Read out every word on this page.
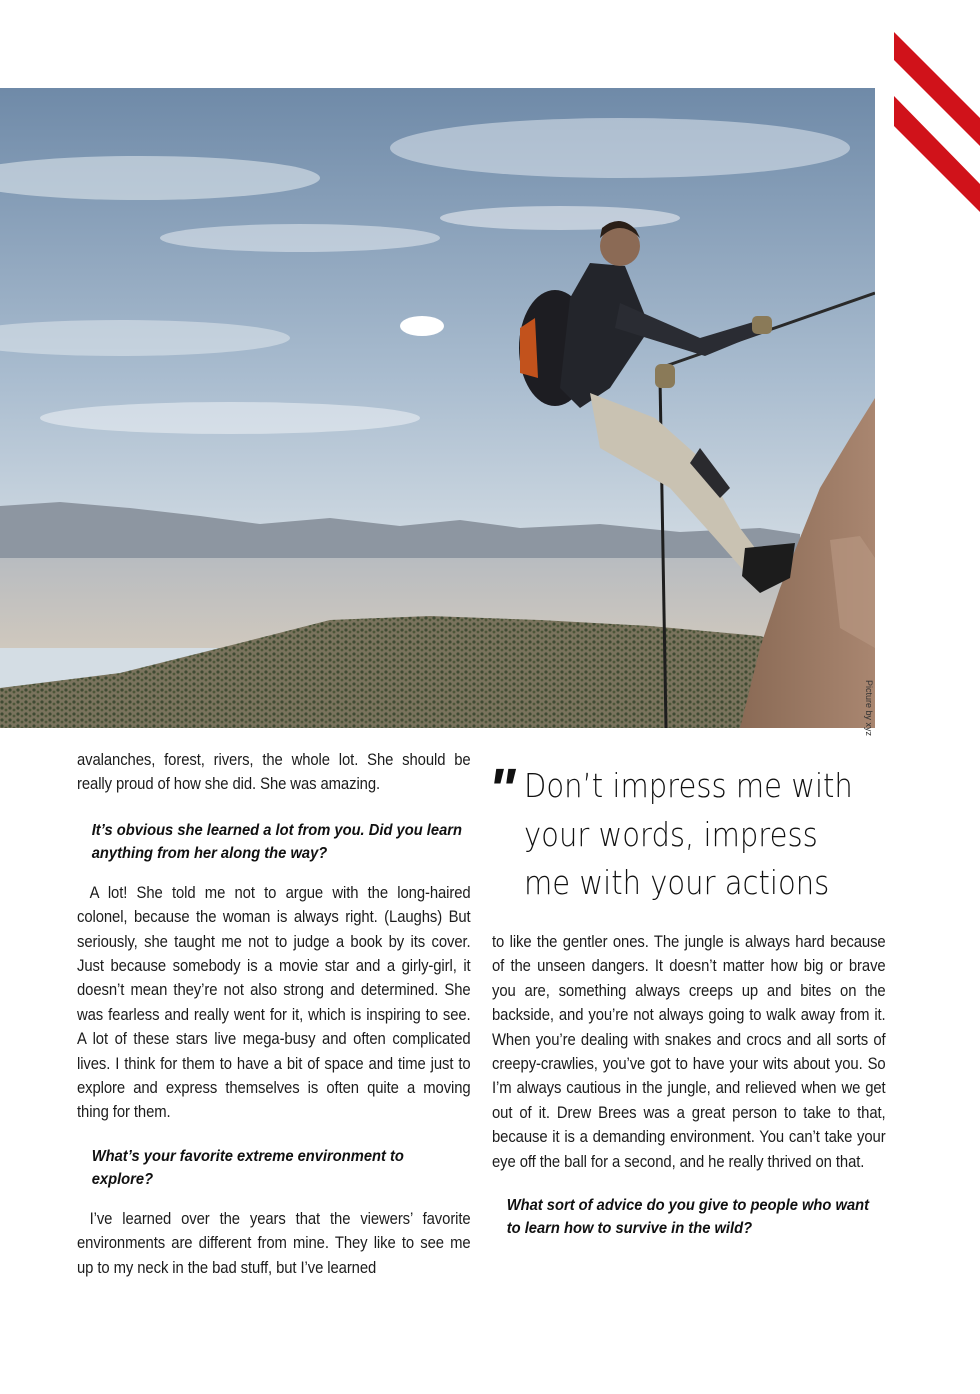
Picture by xyz

avalanches, forest, rivers, the whole lot. She should be really proud of how she did. She was amazing.

It’s obvious she learned a lot from you. Did you learn anything from her along the way?

A lot! She told me not to argue with the long-haired colonel, because the woman is always right. (Laughs) But seriously, she taught me not to judge a book by its cover. Just because somebody is a movie star and a girly-girl, it doesn’t mean they’re not also strong and determined. She was fearless and really went for it, which is inspiring to see. A lot of these stars live mega-busy and often complicated lives. I think for them to have a bit of space and time just to explore and express themselves is often quite a moving thing for them.

What’s your favorite extreme environment to explore?

I’ve learned over the years that the viewers’ favorite environments are different from mine. They like to see me up to my neck in the bad stuff, but I’ve learned

" Don’t impress me with your words, impress me with your actions

to like the gentler ones. The jungle is always hard because of the unseen dangers. It doesn’t matter how big or brave you are, something always creeps up and bites on the backside, and you’re not always going to walk away from it. When you’re dealing with snakes and crocs and all sorts of creepy-crawlies, you’ve got to have your wits about you. So I’m always cautious in the jungle, and relieved when we get out of it. Drew Brees was a great person to take to that, because it is a demanding environment. You can’t take your eye off the ball for a second, and he really thrived on that.

What sort of advice do you give to people who want to learn how to survive in the wild?
